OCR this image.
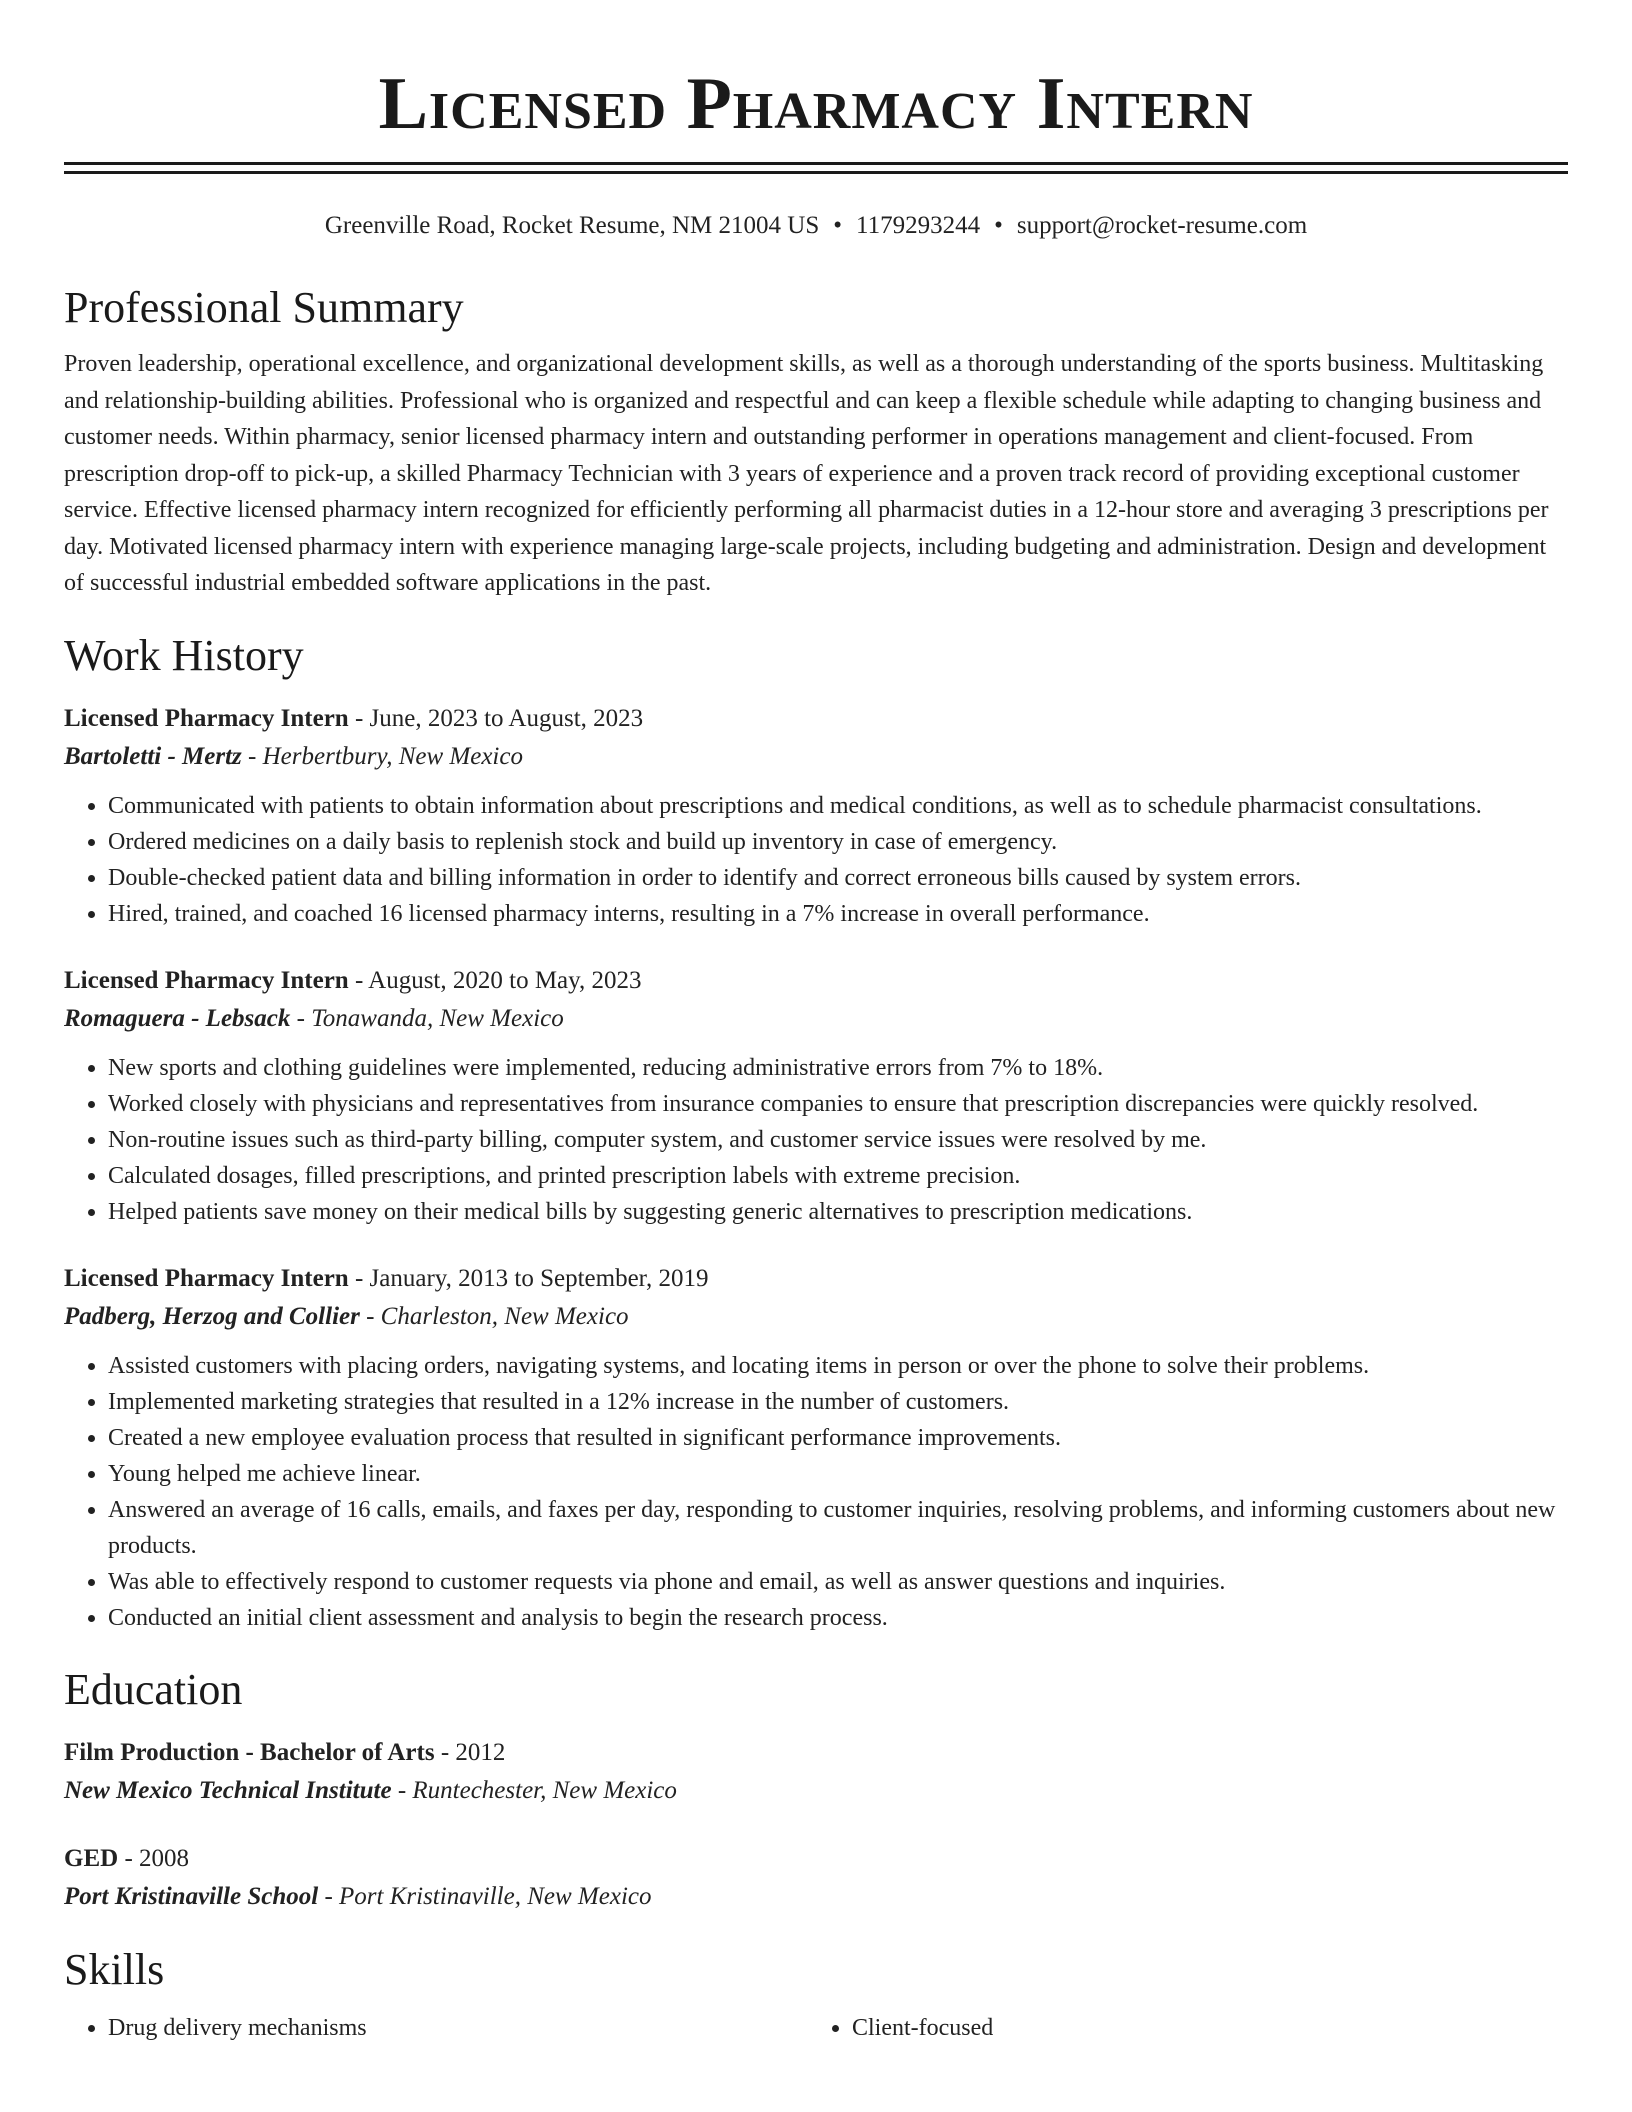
Licensed Pharmacy Intern
Greenville Road, Rocket Resume, NM 21004 US • 1179293244 • support@rocket-resume.com
Professional Summary

Proven leadership, operational excellence, and organizational development skills, as well as a thorough understanding of the sports business. Multitasking and relationship-building abilities. Professional who is organized and respectful and can keep a flexible schedule while adapting to changing business and customer needs. Within pharmacy, senior licensed pharmacy intern and outstanding performer in operations management and client-focused. From prescription drop-off to pick-up, a skilled Pharmacy Technician with 3 years of experience and a proven track record of providing exceptional customer service. Effective licensed pharmacy intern recognized for efficiently performing all pharmacist duties in a 12-hour store and averaging 3 prescriptions per day. Motivated licensed pharmacy intern with experience managing large-scale projects, including budgeting and administration. Design and development of successful industrial embedded software applications in the past.

Work History
Licensed Pharmacy Intern - June, 2023 to August, 2023
Bartoletti - Mertz - Herbertbury, New Mexico
• Communicated with patients to obtain information about prescriptions and medical conditions, as well as to schedule pharmacist consultations.
• Ordered medicines on a daily basis to replenish stock and build up inventory in case of emergency.
• Double-checked patient data and billing information in order to identify and correct erroneous bills caused by system errors.
• Hired, trained, and coached 16 licensed pharmacy interns, resulting in a 7% increase in overall performance.
Licensed Pharmacy Intern - August, 2020 to May, 2023
Romaguera - Lebsack - Tonawanda, New Mexico
• New sports and clothing guidelines were implemented, reducing administrative errors from 7% to 18%.
• Worked closely with physicians and representatives from insurance companies to ensure that prescription discrepancies were quickly resolved.
• Non-routine issues such as third-party billing, computer system, and customer service issues were resolved by me.
• Calculated dosages, filled prescriptions, and printed prescription labels with extreme precision.
• Helped patients save money on their medical bills by suggesting generic alternatives to prescription medications.
Licensed Pharmacy Intern - January, 2013 to September, 2019
Padberg, Herzog and Collier - Charleston, New Mexico
• Assisted customers with placing orders, navigating systems, and locating items in person or over the phone to solve their problems.
• Implemented marketing strategies that resulted in a 12% increase in the number of customers.
• Created a new employee evaluation process that resulted in significant performance improvements.
• Young helped me achieve linear.
• Answered an average of 16 calls, emails, and faxes per day, responding to customer inquiries, resolving problems, and informing customers about new products.
• Was able to effectively respond to customer requests via phone and email, as well as answer questions and inquiries.
• Conducted an initial client assessment and analysis to begin the research process.
Education
Film Production - Bachelor of Arts - 2012
New Mexico Technical Institute - Runtechester, New Mexico
GED - 2008
Port Kristinaville School - Port Kristinaville, New Mexico
Skills
• Drug delivery mechanisms
•	Client-focused
